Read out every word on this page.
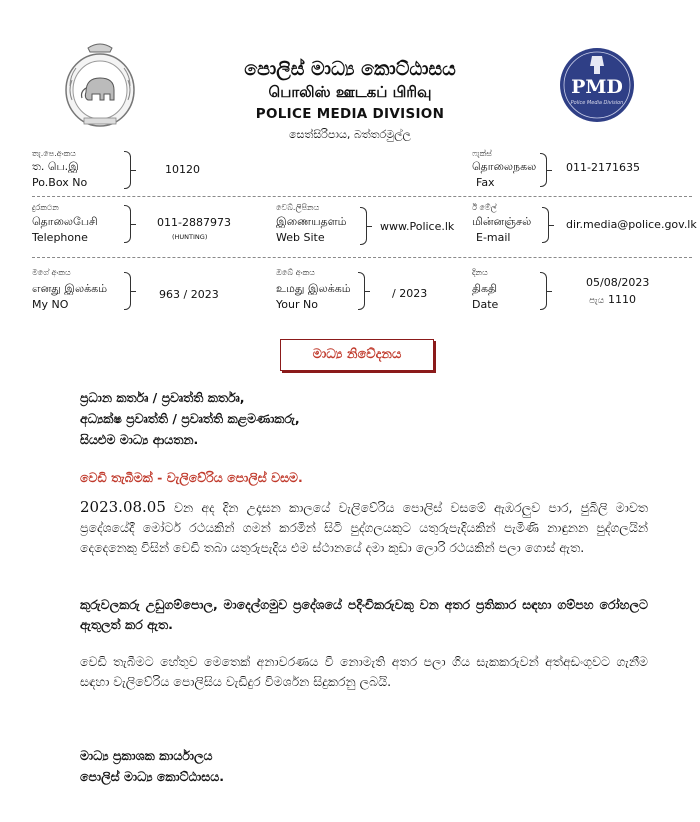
පොලිස් මාධ්‍ය කොට්ඨාසය
பொலிஸ் ஊடகப் பிரிவு
POLICE MEDIA DIVISION
සෙත්සිරිපාය, බත්තරමුල්ල
PMD
Police Media Division
තැ.පෙ.අංකය
ත. பெ.இ
Po.Box No
10120
ෆැක්ස්
தொலைநகல
Fax
011-2171635
දුරකථන
தொலைபேசி
Telephone
011-2887973
(HUNTING)
වෙබ්.ලිපිනය
இணையதளம்
Web Site
www.Police.lk
ඊ මේල්
மின்னஞ்சல்
E-mail
dir.media@police.gov.lk
මගේ අංකය
எனது இலக்கம்
My NO
963 / 2023
ඔබේ අංකය
உமது இலக்கம்
Your No
/ 2023
දිනය
திகதி
Date
05/08/2023
පැය 1110
මාධ්‍ය නිවේදනය
ප්‍රධාන කර්තෘ / ප්‍රවෘත්ති කර්තෘ,
අධ්‍යක්ෂ ප්‍රවෘත්ති / ප්‍රවෘත්ති කළමණාකරු,
සියළුම මාධ්‍ය ආයතන.
වෙඩි තැබීමක් - වැලිවේරිය පොලිස් වසම.
2023.08.05 වන අද දින උදෑසන කාලයේ වැලිවේරිය පොලිස් වසමේ ඇඹරලුව පාර, ජුබිලි මාවත ප්‍රදේශයේදී මෝටර් රථයකින් ගමන් කරමින් සිටි පුද්ගලයකුට යතුරුපැදියකින් පැමිණි නාඳුනන පුද්ගලයින් දෙදෙනෙකු විසින් වෙඩි තබා යතුරුපැදිය එම ස්ථානයේ දමා කුඩා ලොරි රථයකින් පලා ගොස් ඇත.
කුරුවලකරු උඩුගම්පොල, මාදෙල්ගමුව ප්‍රදේශයේ පදිංචිකරුවකු වන අතර ප්‍රතිකාර සඳහා ගම්පහ රෝහලට ඇතුලත් කර ඇත.
වෙඩි තැබීමට හේතුව මෙතෙක් අනාවරණය වී නොමැති අතර පලා ගිය සැකකරුවන් අත්අඩංගුවට ගැනීම සඳහා වැලිවේරිය පොලිසිය වැඩිදුර විමර්ශන සිදුකරනු ලබයි.
මාධ්‍ය ප්‍රකාශක කාර්යාලය
පොලිස් මාධ්‍ය කොට්ඨාසය.
